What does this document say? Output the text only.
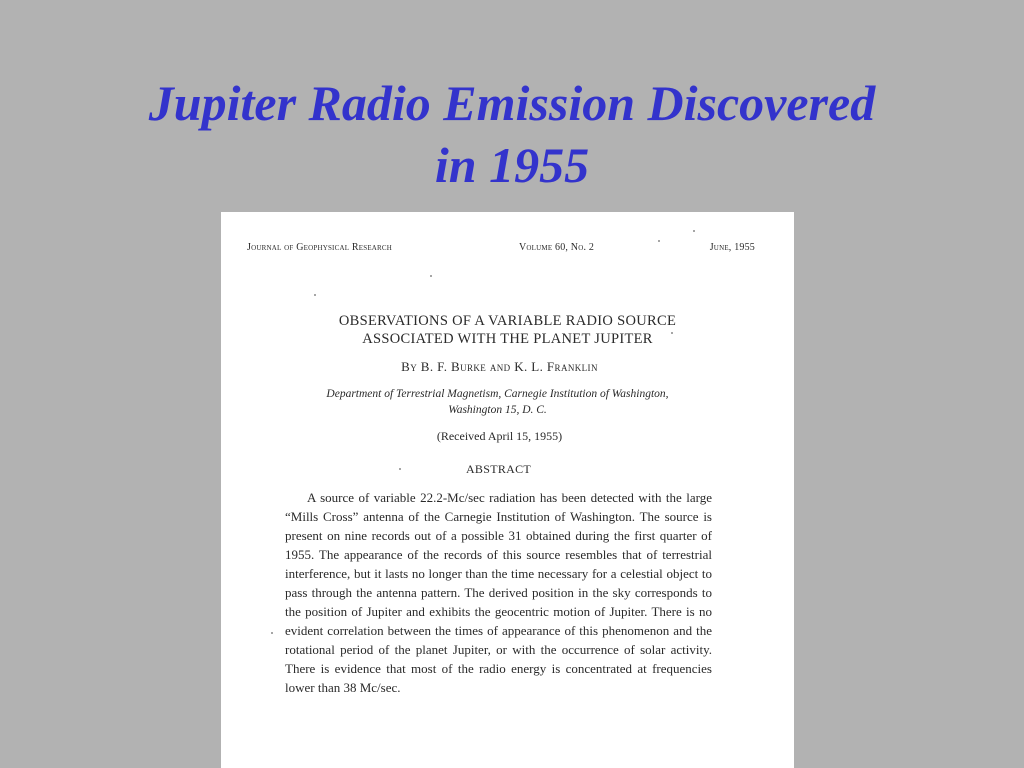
Jupiter Radio Emission Discovered
in 1955
Journal of Geophysical Research	Volume 60, No. 2	June, 1955
OBSERVATIONS OF A VARIABLE RADIO SOURCE
ASSOCIATED WITH THE PLANET JUPITER
By B. F. Burke and K. L. Franklin
Department of Terrestrial Magnetism, Carnegie Institution of Washington,
Washington 15, D. C.
(Received April 15, 1955)
ABSTRACT

A source of variable 22.2-Mc/sec radiation has been detected with the large “Mills Cross” antenna of the Carnegie Institution of Washington. The source is present on nine records out of a possible 31 obtained during the first quarter of 1955. The appearance of the records of this source resembles that of terrestrial interference, but it lasts no longer than the time necessary for a celestial object to pass through the antenna pattern. The derived position in the sky corresponds to the position of Jupiter and exhibits the geocentric motion of Jupiter. There is no evident correlation between the times of appearance of this phenomenon and the rotational period of the planet Jupiter, or with the occurrence of solar activity. There is evidence that most of the radio energy is concentrated at frequencies lower than 38 Mc/sec.
